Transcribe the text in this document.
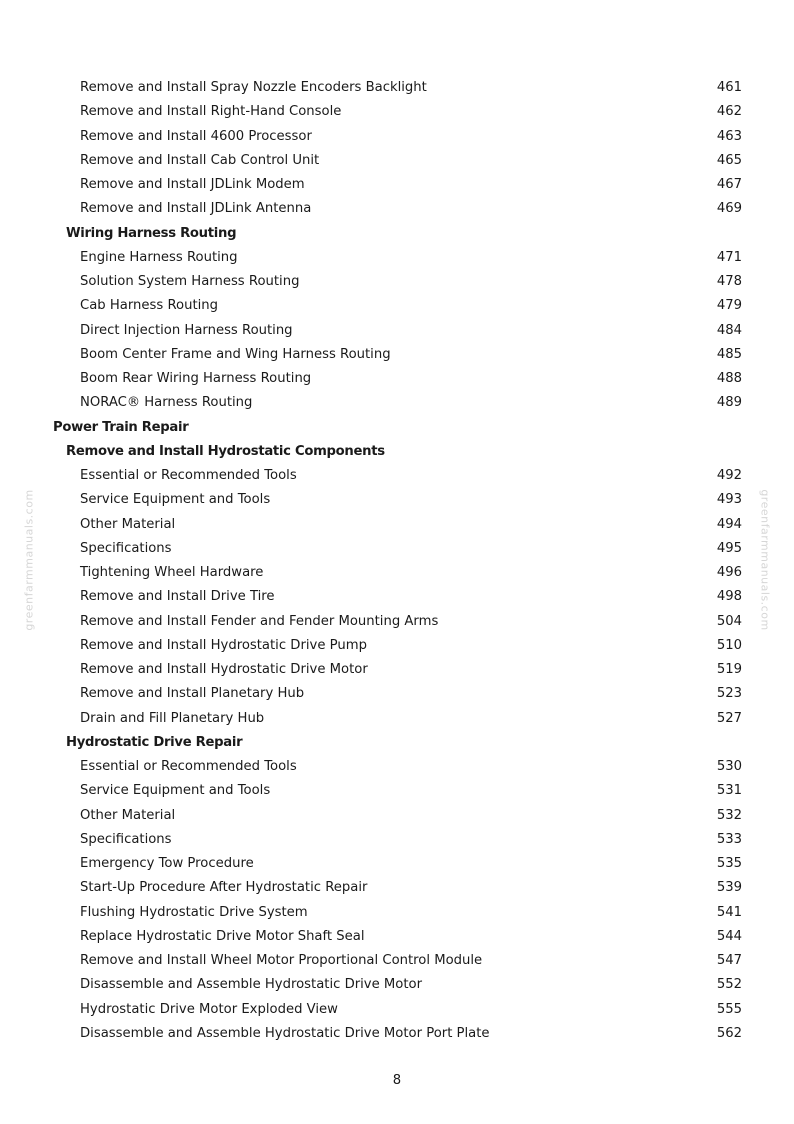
greenfarmmanuals.com	greenfarmmanuals.com
Remove and Install Spray Nozzle Encoders Backlight	461
Remove and Install Right-Hand Console	462
Remove and Install 4600 Processor	463
Remove and Install Cab Control Unit	465
Remove and Install JDLink Modem	467
Remove and Install JDLink Antenna	469
Wiring Harness Routing
Engine Harness Routing	471
Solution System Harness Routing	478
Cab Harness Routing	479
Direct Injection Harness Routing	484
Boom Center Frame and Wing Harness Routing	485
Boom Rear Wiring Harness Routing	488
NORAC® Harness Routing	489
Power Train Repair
Remove and Install Hydrostatic Components
Essential or Recommended Tools	492
Service Equipment and Tools	493
Other Material	494
Specifications	495
Tightening Wheel Hardware	496
Remove and Install Drive Tire	498
Remove and Install Fender and Fender Mounting Arms	504
Remove and Install Hydrostatic Drive Pump	510
Remove and Install Hydrostatic Drive Motor	519
Remove and Install Planetary Hub	523
Drain and Fill Planetary Hub	527
Hydrostatic Drive Repair
Essential or Recommended Tools	530
Service Equipment and Tools	531
Other Material	532
Specifications	533
Emergency Tow Procedure	535
Start-Up Procedure After Hydrostatic Repair	539
Flushing Hydrostatic Drive System	541
Replace Hydrostatic Drive Motor Shaft Seal	544
Remove and Install Wheel Motor Proportional Control Module	547
Disassemble and Assemble Hydrostatic Drive Motor	552
Hydrostatic Drive Motor Exploded View	555
Disassemble and Assemble Hydrostatic Drive Motor Port Plate	562
8
